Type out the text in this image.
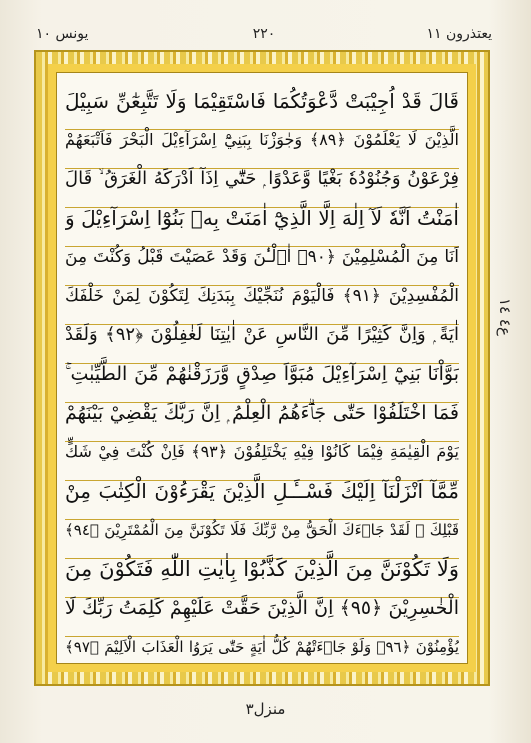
يعتذرون ١١
٢٢٠
يونس ١٠
قَالَ قَدْ اُجِيْبَتْ دَّعْوَتُكُمَا فَاسْتَقِيْمَا وَلَا تَتَّبِعٰٓنِّ سَبِيْلَ
الَّذِيْنَ لَا يَعْلَمُوْنَ ﴿٨٩﴾ وَجٰوَزْنَا بِبَنِيْٓ اِسْرَآءِيْلَ الْبَحْرَ فَاَتْبَعَهُمْ
فِرْعَوْنُ وَجُنُوْدُهٗ بَغْيًا وَّعَدْوًا ۭ حَتّٰٓي اِذَآ اَدْرَكَهُ الْغَرَقُ ۙ قَالَ
اٰمَنْتُ اَنَّهٗ لَآ اِلٰهَ اِلَّا الَّذِيْٓ اٰمَنَتْ بِهٖ بَنُوْٓا اِسْرَآءِيْلَ وَ
اَنَا مِنَ الْمُسْلِمِيْنَ ﴿٩٠﴾ اٰۗلْـٰٔنَ وَقَدْ عَصَيْتَ قَبْلُ وَكُنْتَ مِنَ
الْمُفْسِدِيْنَ ﴿٩١﴾ فَالْيَوْمَ نُنَجِّيْكَ بِبَدَنِكَ لِتَكُوْنَ لِمَنْ خَلْفَكَ
اٰيَةً ۭ وَاِنَّ كَثِيْرًا مِّنَ النَّاسِ عَنْ اٰيٰتِنَا لَغٰفِلُوْنَ ﴿٩٢﴾ وَلَقَدْ
بَوَّاْنَا بَنِيْٓ اِسْرَآءِيْلَ مُبَوَّاَ صِدْقٍ وَّرَزَقْنٰھُمْ مِّنَ الطَّيِّبٰتِ ۚ
فَمَا اخْتَلَفُوْا حَتّٰى جَاۗءَھُمُ الْعِلْمُ ۭ اِنَّ رَبَّكَ يَقْضِيْ بَيْنَھُمْ
يَوْمَ الْقِيٰمَةِ فِيْمَا كَانُوْا فِيْهِ يَخْتَلِفُوْنَ ﴿٩٣﴾ فَاِنْ كُنْتَ فِيْ شَكٍّ
مِّمَّآ اَنْزَلْنَآ اِلَيْكَ فَسْــَٔـلِ الَّذِيْنَ يَقْرَءُوْنَ الْكِتٰبَ مِنْ
قَبْلِكَ ۚ لَقَدْ جَاۗءَكَ الْحَقُّ مِنْ رَّبِّكَ فَلَا تَكُوْنَنَّ مِنَ الْمُمْتَرِيْنَ ﴿٩٤﴾
وَلَا تَكُوْنَنَّ مِنَ الَّذِيْنَ كَذَّبُوْا بِاٰيٰتِ اللّٰهِ فَتَكُوْنَ مِنَ
الْخٰسِرِيْنَ ﴿٩٥﴾ اِنَّ الَّذِيْنَ حَقَّتْ عَلَيْهِمْ كَلِمَتُ رَبِّكَ لَا
يُؤْمِنُوْنَ ﴿٩٦﴾ وَلَوْ جَاۗءَتْھُمْ كُلُّ اٰيَةٍ حَتّٰى يَرَوُا الْعَذَابَ الْاَلِيْمَ ﴿٩٧﴾
ع٤ ١٤
منزل٣
